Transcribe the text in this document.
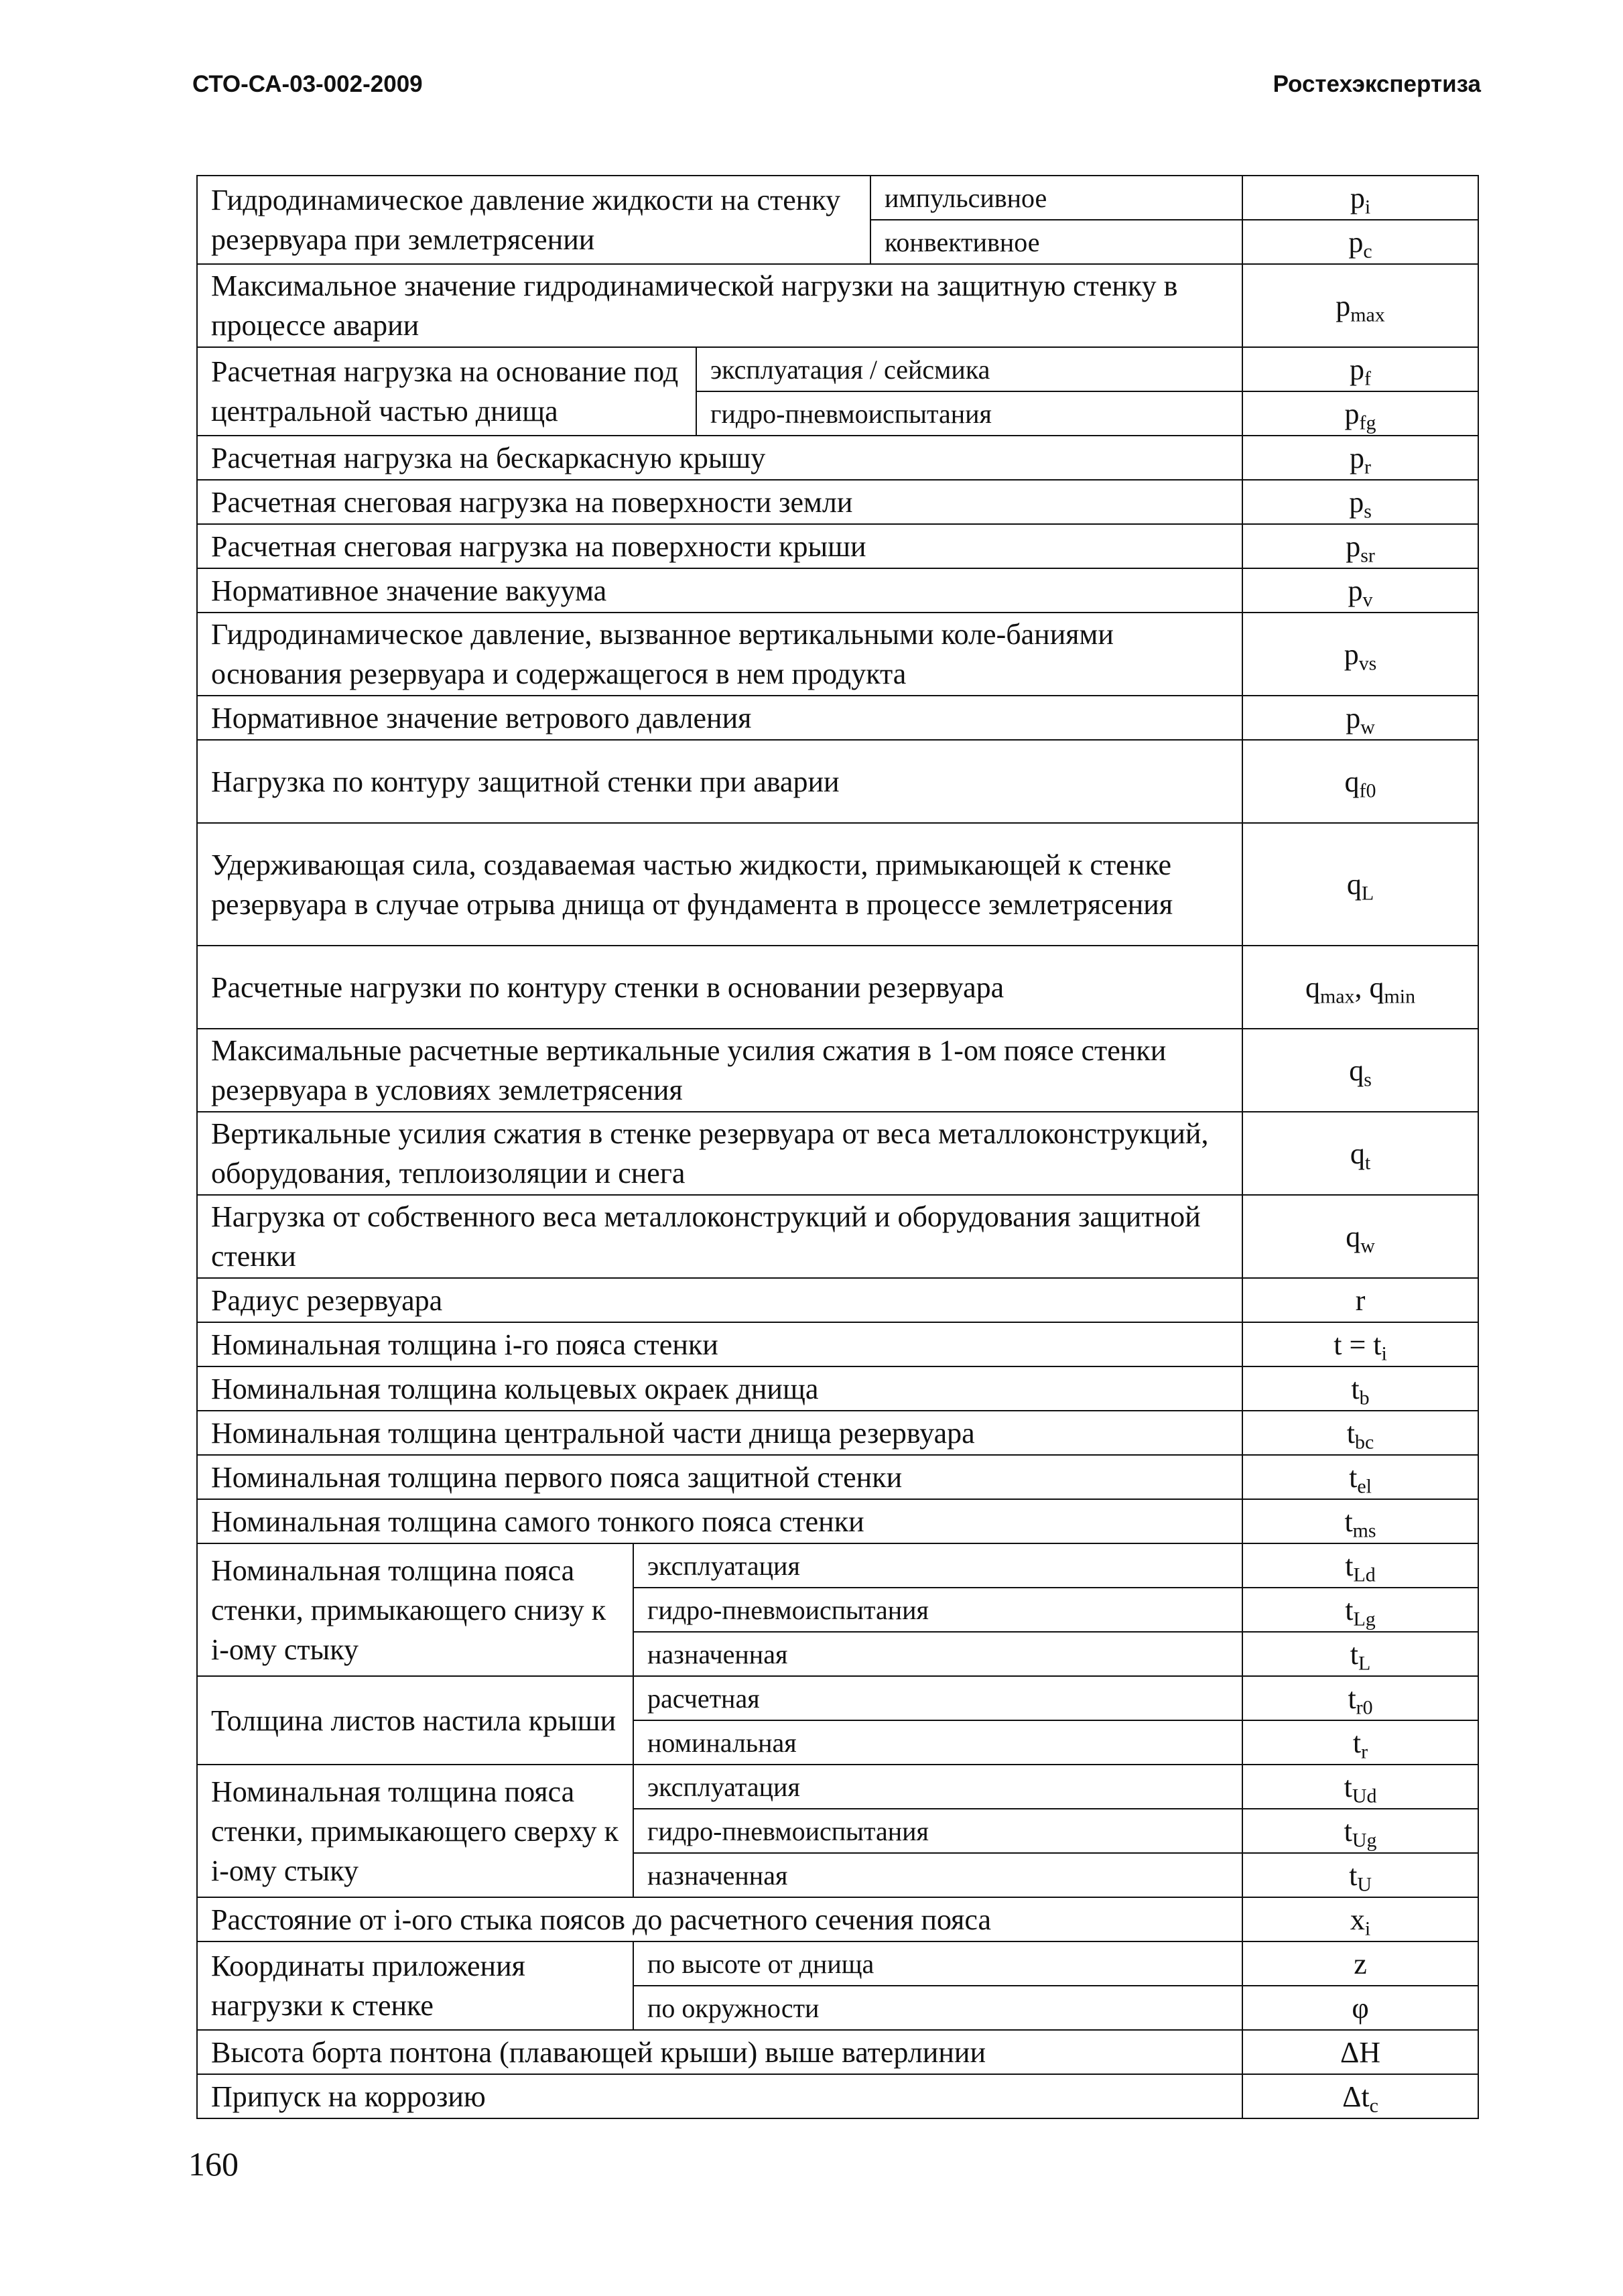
СТО-СА-03-002-2009	Ростехэкспертиза
Гидродинамическое давление жидкости на стенку резервуара при землетрясении			импульсивное	$p_i$	
			конвективное	$p_c$
Максимальное значение гидродинамической нагрузки на защитную стенку в процессе аварии				$p_{max}$	
Расчетная нагрузка на основание под центральной частью днища		эксплуатация / сейсмика		$p_f$	
		гидро-пневмоиспытания		$p_{fg}$
Расчетная нагрузка на бескаркасную крышу				$p_r$	
Расчетная снеговая нагрузка на поверхности земли				$p_s$	
Расчетная снеговая нагрузка на поверхности крыши				$p_{sr}$	
Нормативное значение вакуума				$p_v$	
Гидродинамическое давление, вызванное вертикальными коле-баниями основания резервуара и содержащегося в нем продукта				$p_{vs}$	
Нормативное значение ветрового давления				$p_w$	
Нагрузка по контуру защитной стенки при аварии				$q_{f0}$	
Удерживающая сила, создаваемая частью жидкости, примыкающей к стенке резервуара в случае отрыва днища от фундамента в процессе землетрясения				$q_L$	
Расчетные нагрузки по контуру стенки в основании резервуара				$q_{max}$, $q_{min}$	
Максимальные расчетные вертикальные усилия сжатия в 1-ом поясе стенки резервуара в условиях землетрясения				$q_s$	
Вертикальные усилия сжатия в стенке резервуара от веса металлоконструкций, оборудования, теплоизоляции и снега				$q_t$	
Нагрузка от собственного веса металлоконструкций и оборудования защитной стенки				$q_w$	
Радиус резервуара				r	
Номинальная толщина i-го пояса стенки				$t = t_i$	
Номинальная толщина кольцевых окраек днища				$t_b$	
Номинальная толщина центральной части днища резервуара				$t_{bc}$	
Номинальная толщина первого пояса защитной стенки				$t_{el}$	
Номинальная толщина самого тонкого пояса стенки				$t_{ms}$	
Номинальная толщина пояса стенки, примыкающего снизу к i-ому стыку	эксплуатация			$t_{Ld}$	
	гидро-пневмоиспытания			$t_{Lg}$
	назначенная			$t_L$
Толщина листов настила крыши	расчетная			$t_{r0}$	
	номинальная			$t_r$
Номинальная толщина пояса стенки, примыкающего сверху к i-ому стыку	эксплуатация			$t_{Ud}$	
	гидро-пневмоиспытания			$t_{Ug}$
	назначенная			$t_U$
Расстояние от i-ого стыка поясов до расчетного сечения пояса				$x_i$	
Координаты приложения нагрузки к стенке	по высоте от днища			z	
	по окружности			φ	
Высота борта понтона (плавающей крыши) выше ватерлинии				ΔH	
Припуск на коррозию				$\Delta t_c$	
160
